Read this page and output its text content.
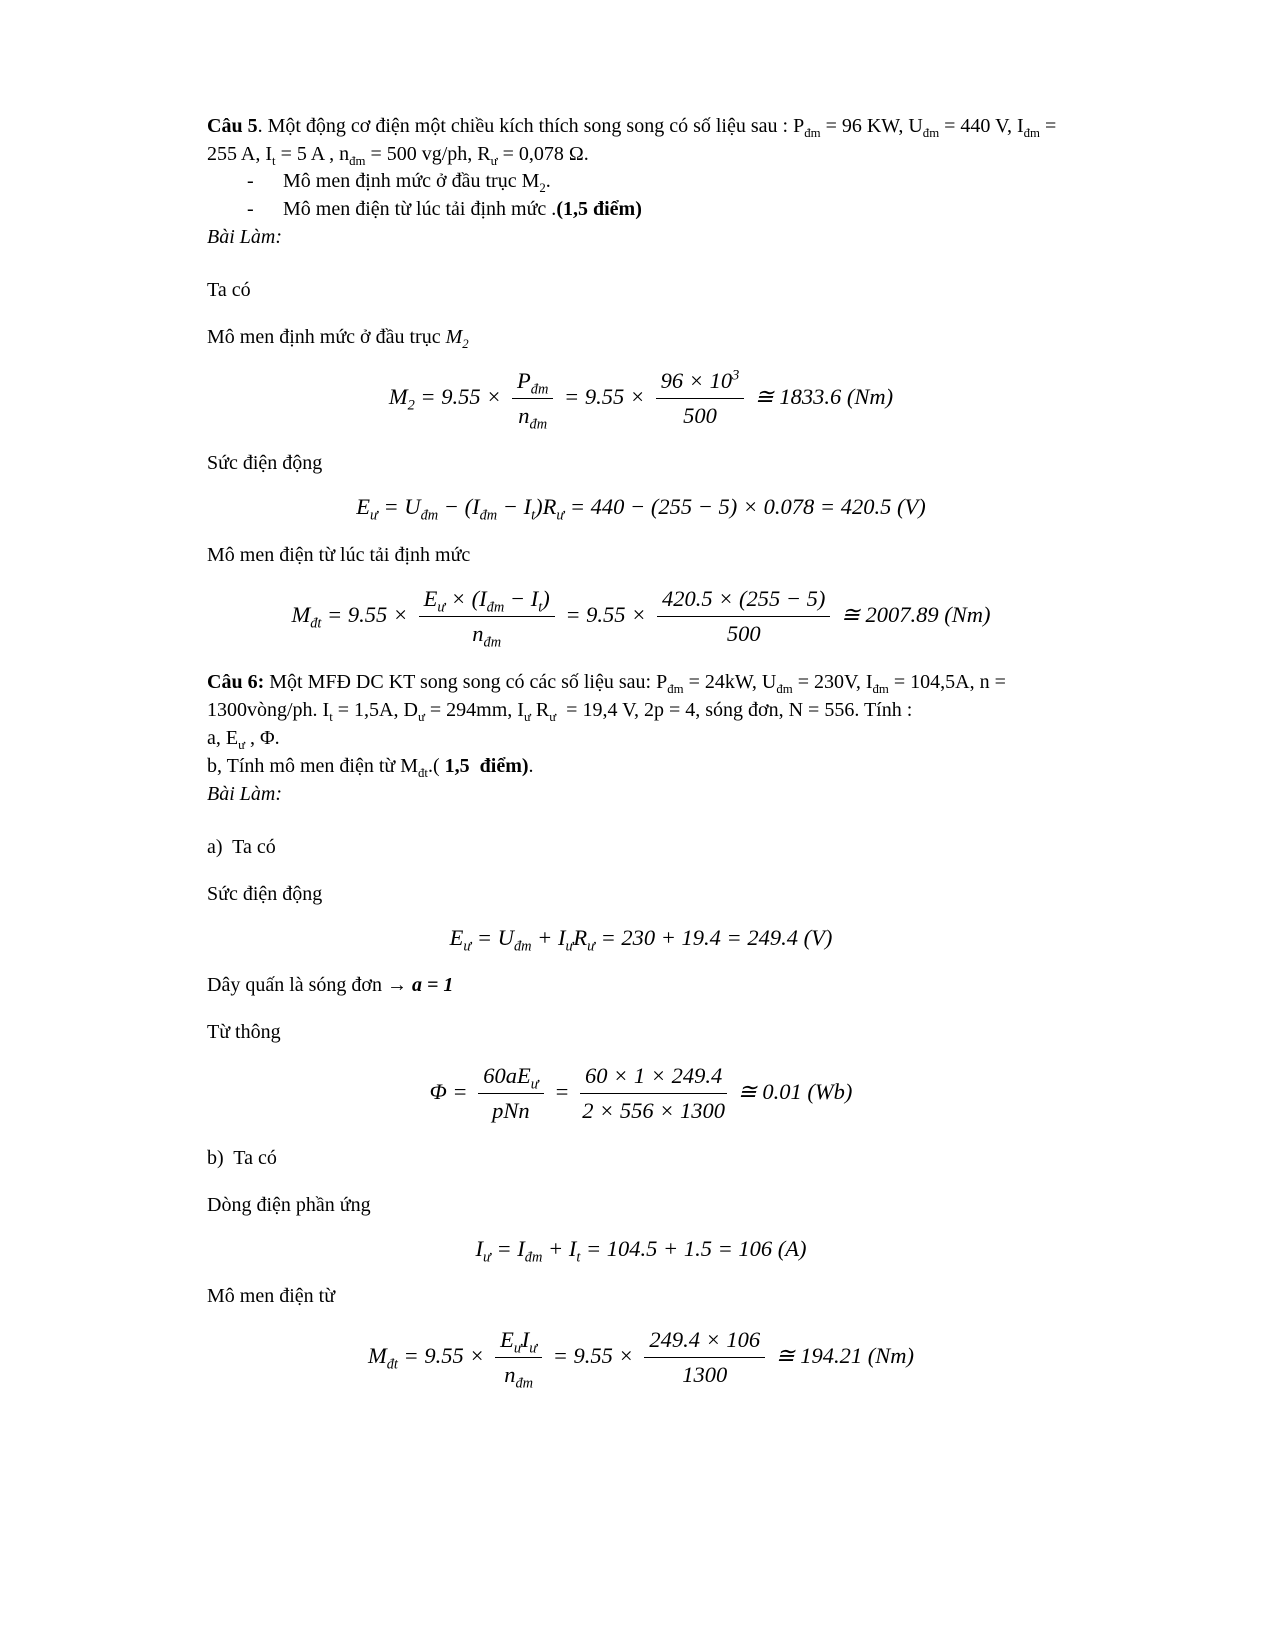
Câu 5. Một động cơ điện một chiều kích thích song song có số liệu sau : $P_{đm} = 96$ KW, $U_{đm} = 440$ V, $I_{đm} = 255$ A, $I_t = 5$ A , $n_{đm} = 500$ vg/ph, $R_ư = 0,078$ Ω.

-	Mô men định mức ở đầu trục $M_2$.
-	Mô men điện từ lúc tải định mức .(1,5 điểm)

Bài Làm:

Ta có

Mô men định mức ở đầu trục $M_2$

$M_2 = 9.55 \times \frac{P_{đm}}{n_{đm}} = 9.55 \times \frac{96 \times 10^3}{500}$ ≅ 1833.6 (Nm)

Sức điện động

$E_ư = U_{đm} - (I_{đm} - I_t)R_ư = 440 - (255 - 5) \times 0.078 = 420.5$ (V)

Mô men điện từ lúc tải định mức

$M_{đt} = 9.55 \times \frac{E_ư \times (I_{đm} - I_t)}{n_{đm}} = 9.55 \times \frac{420.5 \times (255 - 5)}{500}$ ≅ 2007.89 (Nm)

Câu 6: Một MFĐ DC KT song song có các số liệu sau: $P_{đm} = 24kW$, $U_{đm} = 230V$, $I_{đm} = 104,5A$, n = 1300vòng/ph. $I_t = 1,5A$, $D_ư = 294mm$, $I_ư$ $R_ư = 19,4$ V, 2p = 4, sóng đơn, N = 556. Tính :

a, $E_ư$ , Φ.

b, Tính mô men điện từ $M_{đt}$.( 1,5  điểm).

Bài Làm:

a)  Ta có

Sức điện động

$E_ư = U_{đm} + I_ưR_ư = 230 + 19.4 = 249.4$ (V)

Dây quấn là sóng đơn → a = 1

Từ thông

$\Phi = \frac{60aE_ư}{\text{pNn}} = \frac{60 \times 1 \times 249.4}{2 \times 556 \times 1300}$ ≅ 0.01 (Wb)

b)  Ta có

Dòng điện phần ứng

$I_ư = I_{đm} + I_t = 104.5 + 1.5 = 106$ (A)

Mô men điện từ

$M_{đt} = 9.55 \times \frac{E_ưI_ư}{n_{đm}} = 9.55 \times \frac{249.4 \times 106}{1300}$ ≅ 194.21 (Nm)
